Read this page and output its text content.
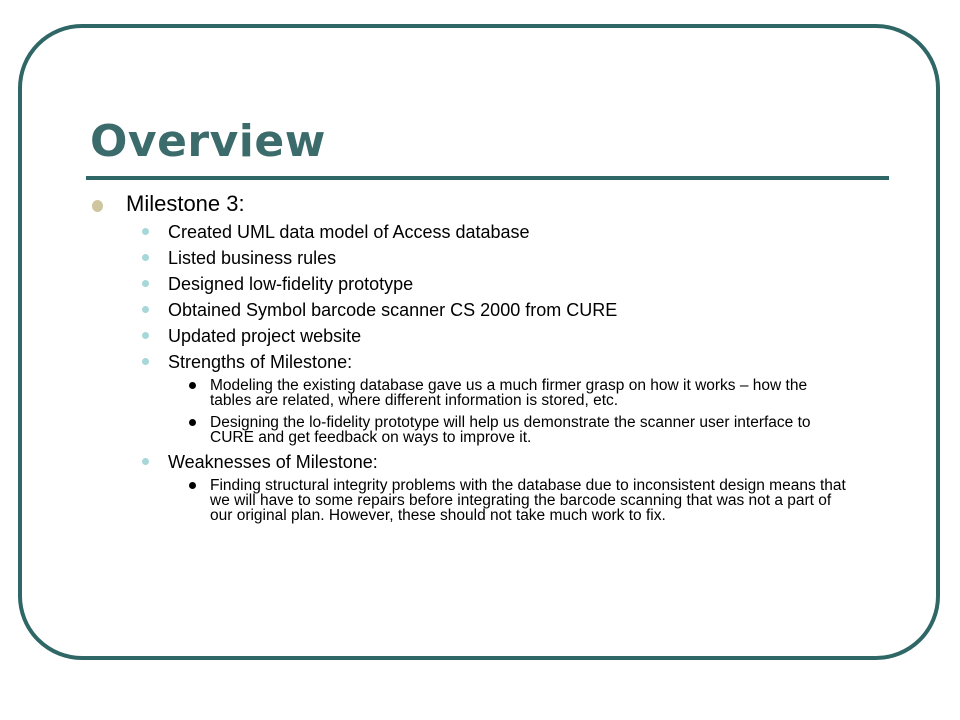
Overview
Milestone 3:
Created UML data model of Access database
Listed business rules
Designed low-fidelity prototype
Obtained Symbol barcode scanner CS 2000 from CURE
Updated project website
Strengths of Milestone:
Modeling the existing database gave us a much firmer grasp on how it works – how the tables are related, where different information is stored, etc.
Designing the lo-fidelity prototype will help us demonstrate the scanner user interface to CURE and get feedback on ways to improve it.
Weaknesses of Milestone:
Finding structural integrity problems with the database due to inconsistent design means that we will have to some repairs before integrating the barcode scanning that was not a part of our original plan. However, these should not take much work to fix.
